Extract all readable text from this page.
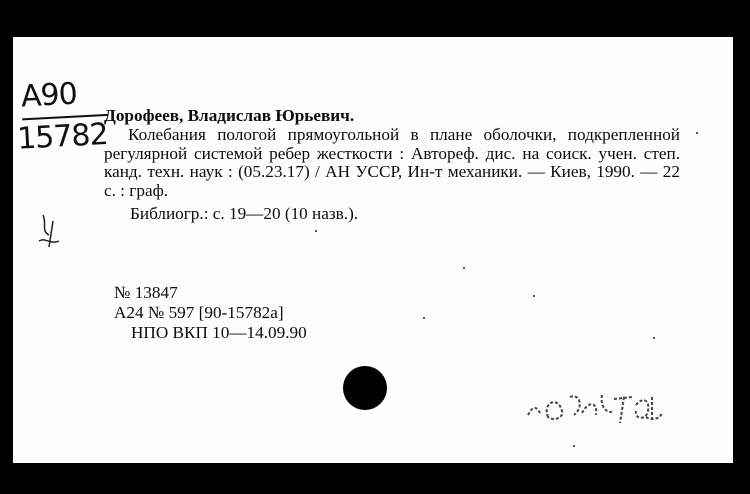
А90
15782
Дорофеев, Владислав Юрьевич.
Колебания пологой прямоугольной в плане оболочки, подкрепленной регулярной системой ребер жесткости : Автореф. дис. на соиск. учен. степ. канд. техн. наук : (05.23.17) / АН УССР, Ин-т механики. — Киев, 1990. — 22 с. : граф.
Библиогр.: с. 19—20 (10 назв.).
№ 13847
А24 № 597 [90-15782а]
НПО ВКП 10—14.09.90
